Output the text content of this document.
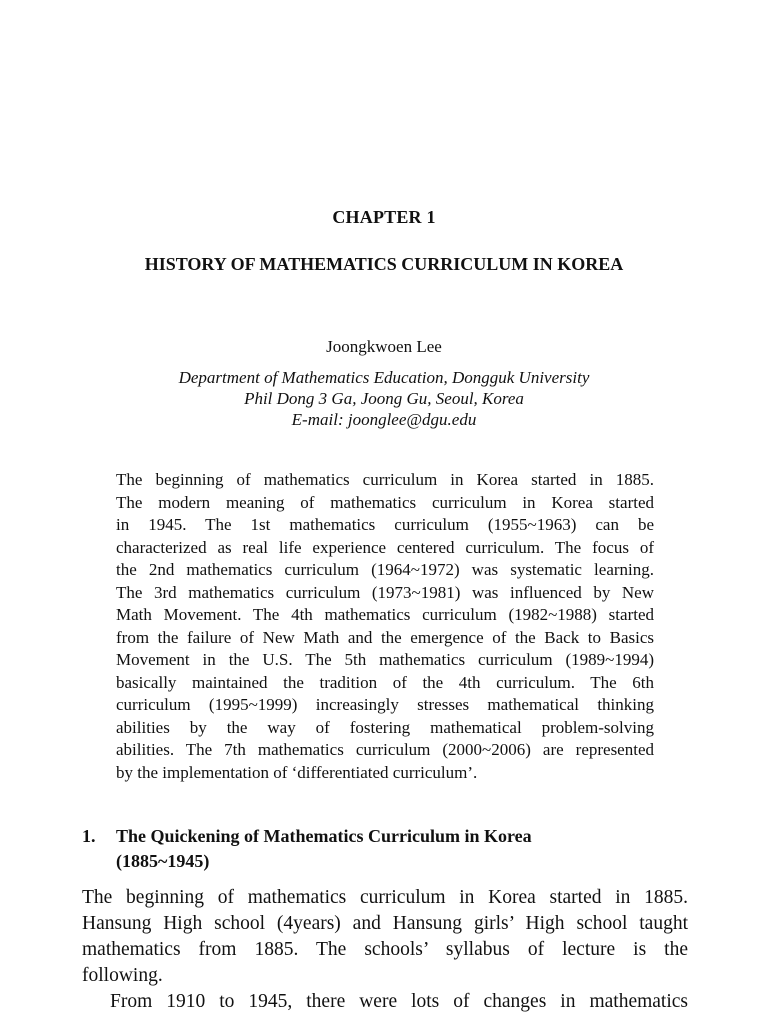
CHAPTER 1
HISTORY OF MATHEMATICS CURRICULUM IN KOREA
Joongkwoen Lee
Department of Mathematics Education, Dongguk University
Phil Dong 3 Ga, Joong Gu, Seoul, Korea
E-mail: joonglee@dgu.edu
The beginning of mathematics curriculum in Korea started in 1885.
The modern meaning of mathematics curriculum in Korea started
in 1945. The 1st mathematics curriculum (1955~1963) can be
characterized as real life experience centered curriculum. The focus of
the 2nd mathematics curriculum (1964~1972) was systematic learning.
The 3rd mathematics curriculum (1973~1981) was influenced by New
Math Movement. The 4th mathematics curriculum (1982~1988) started
from the failure of New Math and the emergence of the Back to Basics
Movement in the U.S. The 5th mathematics curriculum (1989~1994)
basically maintained the tradition of the 4th curriculum. The 6th
curriculum (1995~1999) increasingly stresses mathematical thinking
abilities by the way of fostering mathematical problem-solving
abilities. The 7th mathematics curriculum (2000~2006) are represented
by the implementation of ‘differentiated curriculum’.
1. The Quickening of Mathematics Curriculum in Korea
(1885~1945)
The beginning of mathematics curriculum in Korea started in 1885.
Hansung High school (4years) and Hansung girls’ High school taught
mathematics from 1885. The schools’ syllabus of lecture is the
following.
From 1910 to 1945, there were lots of changes in mathematics
